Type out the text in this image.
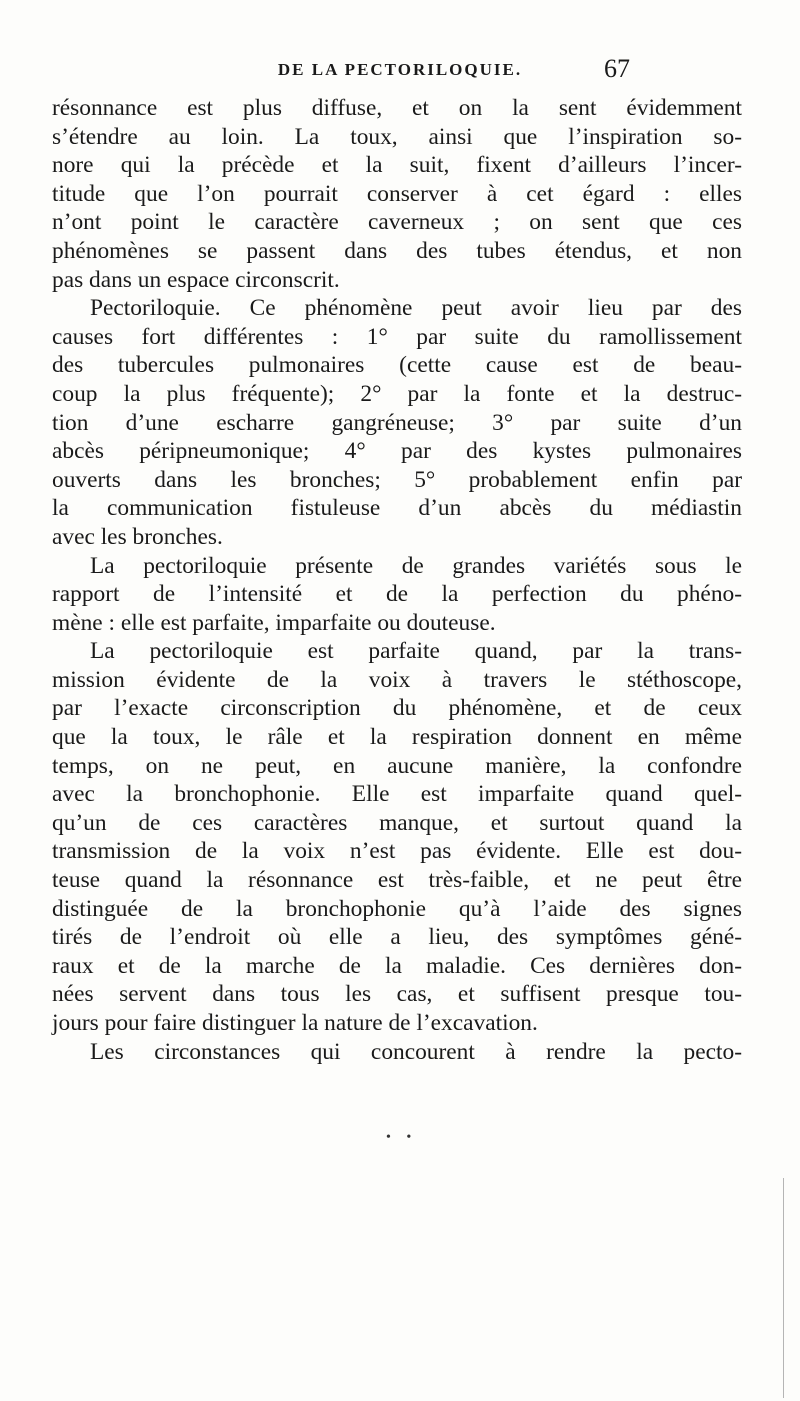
DE LA PECTORILOQUIE.	67

résonnance est plus diffuse, et on la sent évidemment
s’étendre au loin. La toux, ainsi que l’inspiration so-
nore qui la précède et la suit, fixent d’ailleurs l’incer-
titude que l’on pourrait conserver à cet égard : elles
n’ont point le caractère caverneux ; on sent que ces
phénomènes se passent dans des tubes étendus, et non
pas dans un espace circonscrit.

Pectoriloquie. Ce phénomène peut avoir lieu par des
causes fort différentes : 1° par suite du ramollissement
des tubercules pulmonaires (cette cause est de beau-
coup la plus fréquente); 2° par la fonte et la destruc-
tion d’une escharre gangréneuse; 3° par suite d’un
abcès péripneumonique; 4° par des kystes pulmonaires
ouverts dans les bronches; 5° probablement enfin par
la communication fistuleuse d’un abcès du médiastin
avec les bronches.

La pectoriloquie présente de grandes variétés sous le
rapport de l’intensité et de la perfection du phéno-
mène : elle est parfaite, imparfaite ou douteuse.

La pectoriloquie est parfaite quand, par la trans-
mission évidente de la voix à travers le stéthoscope,
par l’exacte circonscription du phénomène, et de ceux
que la toux, le râle et la respiration donnent en même
temps, on ne peut, en aucune manière, la confondre
avec la bronchophonie. Elle est imparfaite quand quel-
qu’un de ces caractères manque, et surtout quand la
transmission de la voix n’est pas évidente. Elle est dou-
teuse quand la résonnance est très-faible, et ne peut être
distinguée de la bronchophonie qu’à l’aide des signes
tirés de l’endroit où elle a lieu, des symptômes géné-
raux et de la marche de la maladie. Ces dernières don-
nées servent dans tous les cas, et suffisent presque tou-
jours pour faire distinguer la nature de l’excavation.

Les circonstances qui concourent à rendre la pecto-

• •
